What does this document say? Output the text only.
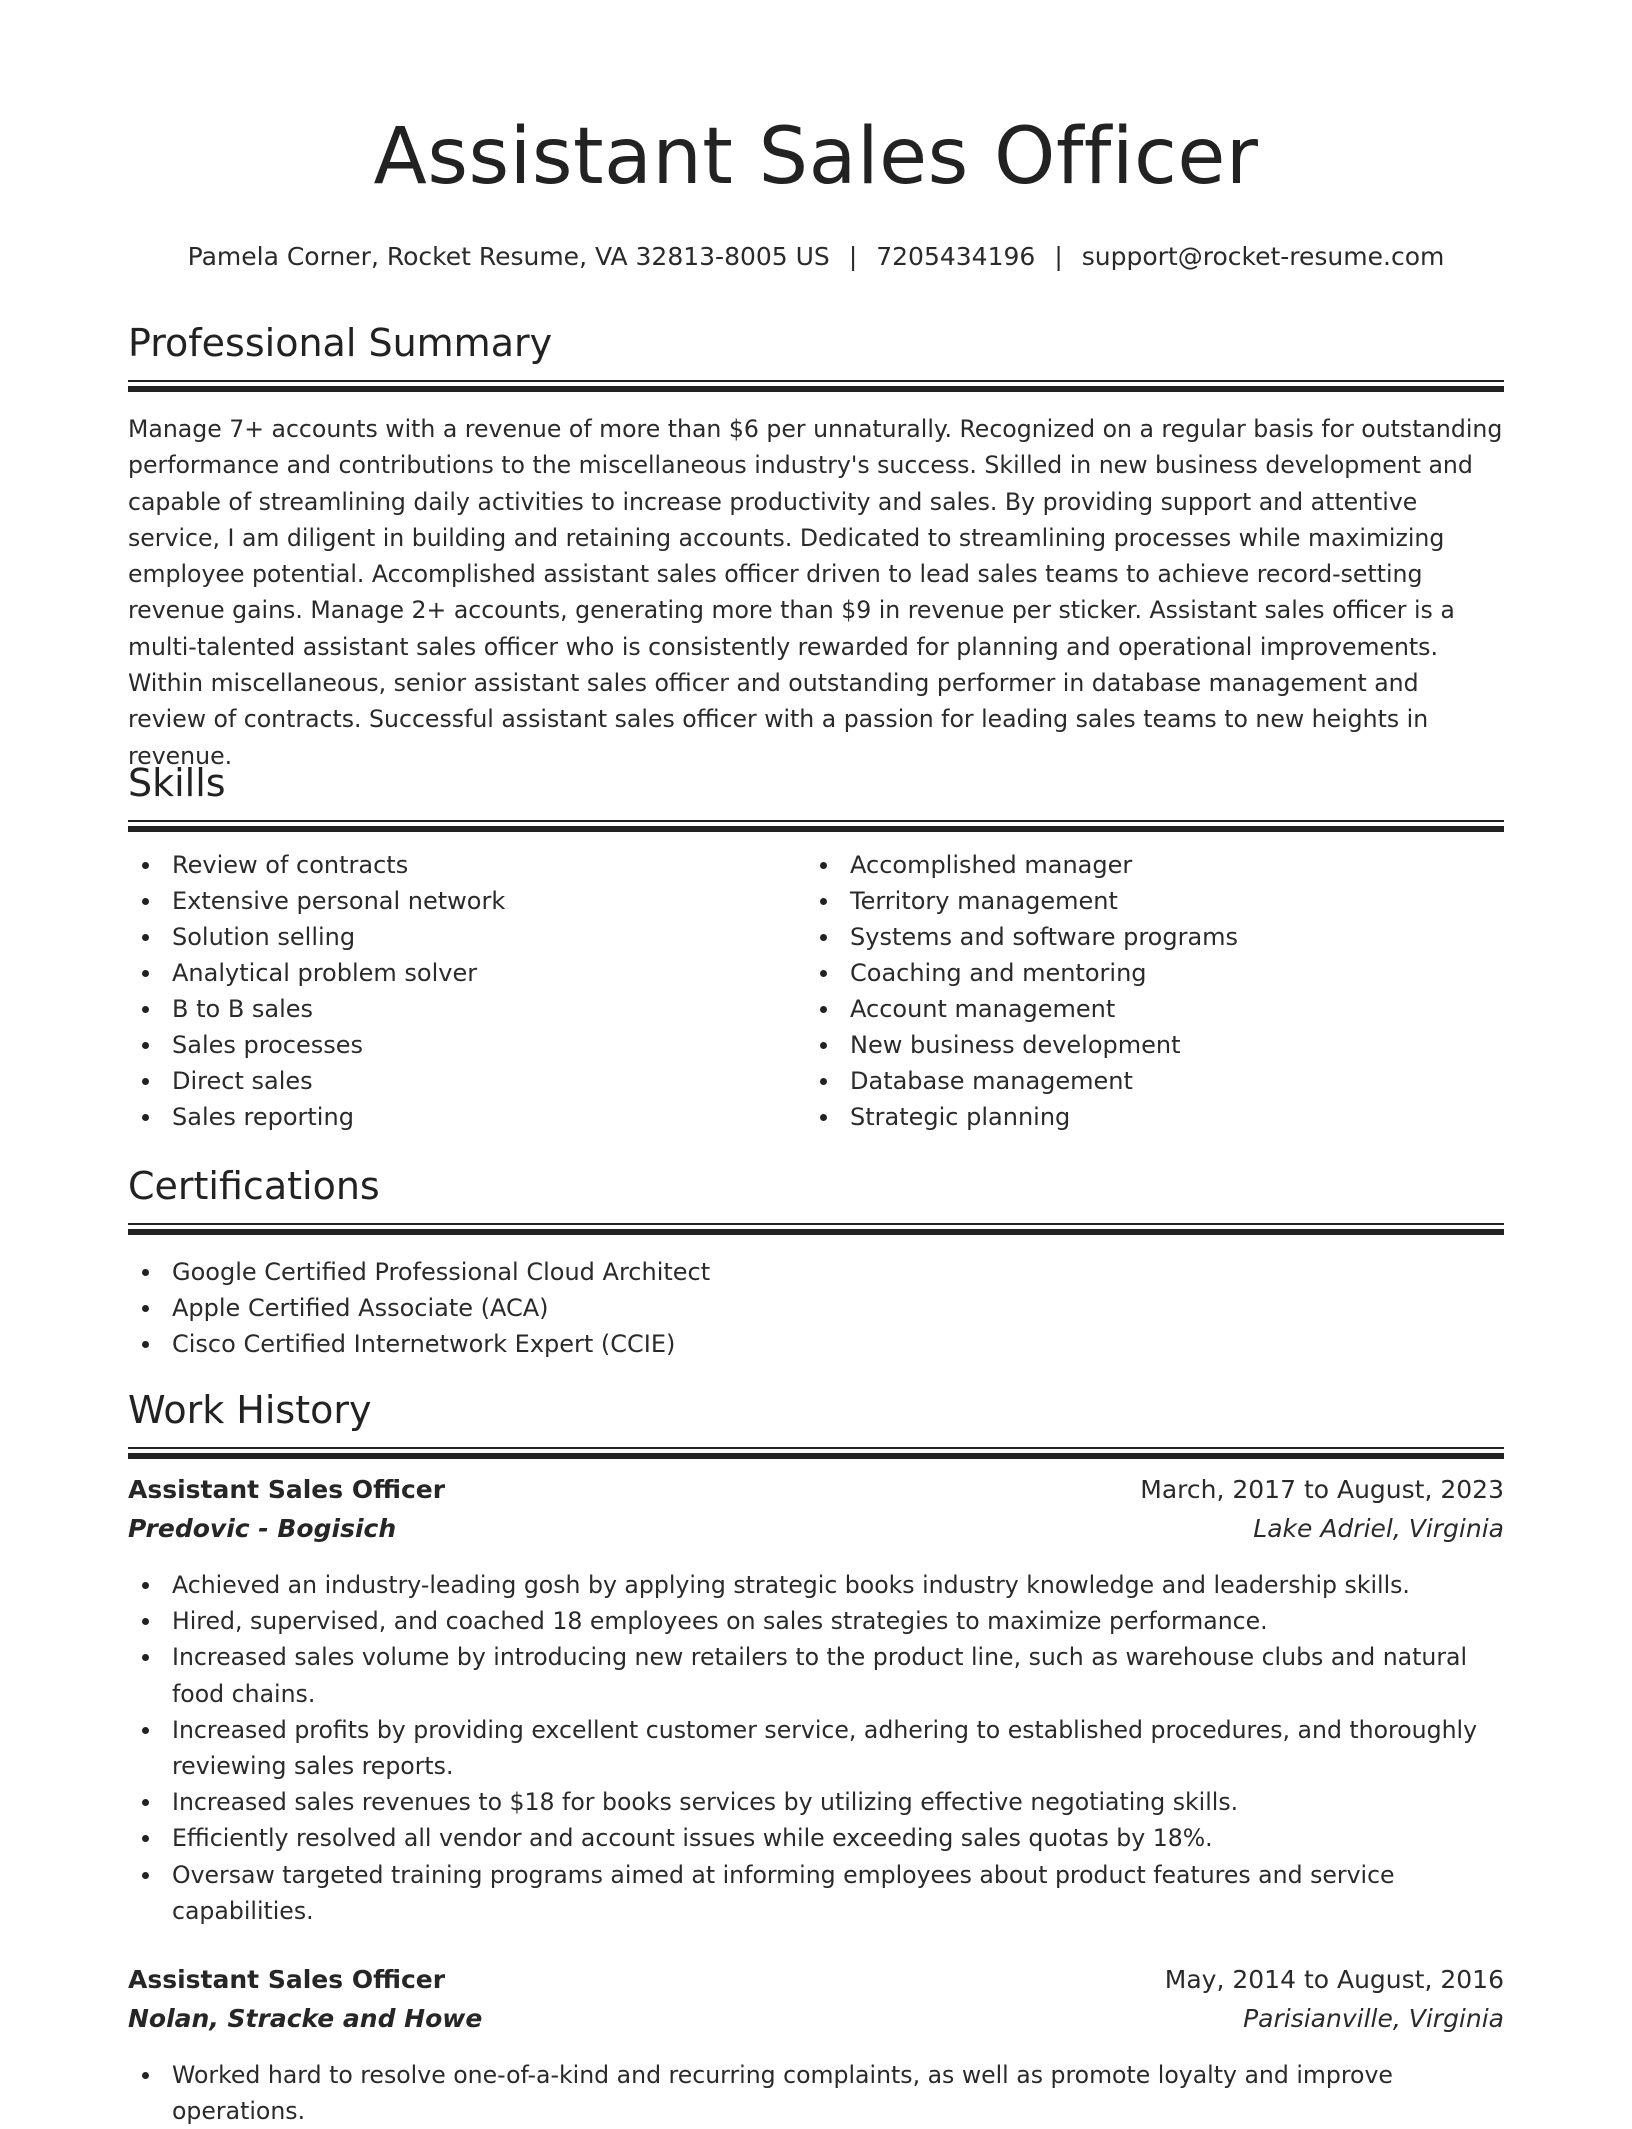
Assistant Sales Officer
Pamela Corner, Rocket Resume, VA 32813-8005 US | 7205434196 | support@rocket-resume.com
Professional Summary

Manage 7+ accounts with a revenue of more than $6 per unnaturally. Recognized on a regular basis for outstanding performance and contributions to the miscellaneous industry's success. Skilled in new business development and capable of streamlining daily activities to increase productivity and sales. By providing support and attentive service, I am diligent in building and retaining accounts. Dedicated to streamlining processes while maximizing employee potential. Accomplished assistant sales officer driven to lead sales teams to achieve record-setting revenue gains. Manage 2+ accounts, generating more than $9 in revenue per sticker. Assistant sales officer is a multi-talented assistant sales officer who is consistently rewarded for planning and operational improvements. Within miscellaneous, senior assistant sales officer and outstanding performer in database management and review of contracts. Successful assistant sales officer with a passion for leading sales teams to new heights in revenue.

Skills
Review of contracts
Extensive personal network
Solution selling
Analytical problem solver
B to B sales
Sales processes
Direct sales
Sales reporting
Accomplished manager
Territory management
Systems and software programs
Coaching and mentoring
Account management
New business development
Database management
Strategic planning
Certifications
Google Certified Professional Cloud Architect
Apple Certified Associate (ACA)
Cisco Certified Internetwork Expert (CCIE)
Work History
Assistant Sales Officer	March, 2017 to August, 2023
Predovic - Bogisich	Lake Adriel, Virginia
Achieved an industry-leading gosh by applying strategic books industry knowledge and leadership skills.
Hired, supervised, and coached 18 employees on sales strategies to maximize performance.
Increased sales volume by introducing new retailers to the product line, such as warehouse clubs and natural food chains.
Increased profits by providing excellent customer service, adhering to established procedures, and thoroughly reviewing sales reports.
Increased sales revenues to $18 for books services by utilizing effective negotiating skills.
Efficiently resolved all vendor and account issues while exceeding sales quotas by 18%.
Oversaw targeted training programs aimed at informing employees about product features and service capabilities.
Assistant Sales Officer	May, 2014 to August, 2016
Nolan, Stracke and Howe	Parisianville, Virginia
Worked hard to resolve one-of-a-kind and recurring complaints, as well as promote loyalty and improve operations.
